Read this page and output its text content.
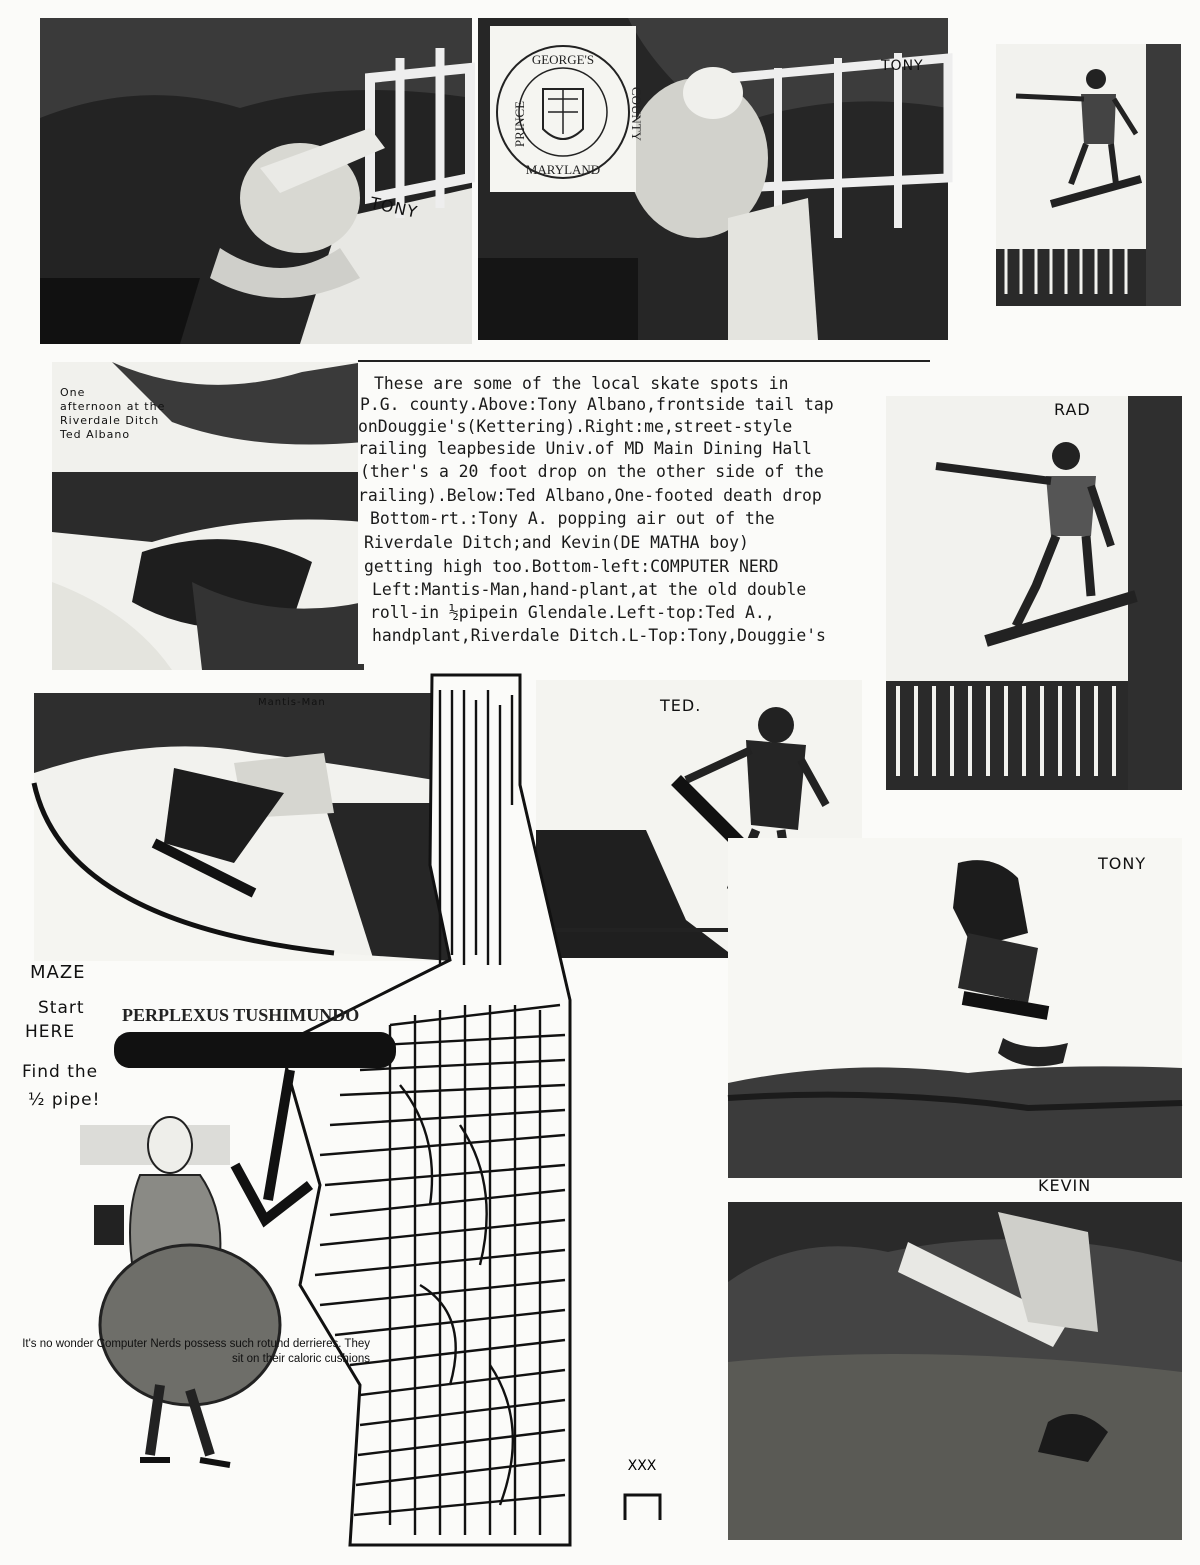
TONY
GEORGE'S
PRINCE	COUNTY
MARYLAND
TONY
One
afternoon at the
Riverdale Ditch
Ted Albano
These are some of the local skate spots in
P.G. county.Above:Tony Albano,frontside tail tap
onDouggie's(Kettering).Right:me,street-style
railing leapbeside Univ.of MD Main Dining Hall
(ther's a 20 foot drop on the other side of the
railing).Below:Ted Albano,One-footed death drop
Bottom-rt.:Tony A. popping air out of the
Riverdale Ditch;and Kevin(DE MATHA boy)
getting high too.Bottom-left:COMPUTER NERD
Left:Mantis-Man,hand-plant,at the old double
roll-in ½pipein Glendale.Left-top:Ted A.,
handplant,Riverdale Ditch.L-Top:Tony,Douggie's
RAD
Mantis-Man	TED.
TONY
XXX
MAZE
Start
HERE
Find the
½ pipe!
PERPLEXUS TUSHIMUNDO
It's no wonder Computer Nerds possess such rotund derrieres. They sit on their caloric cushions
KEVIN
